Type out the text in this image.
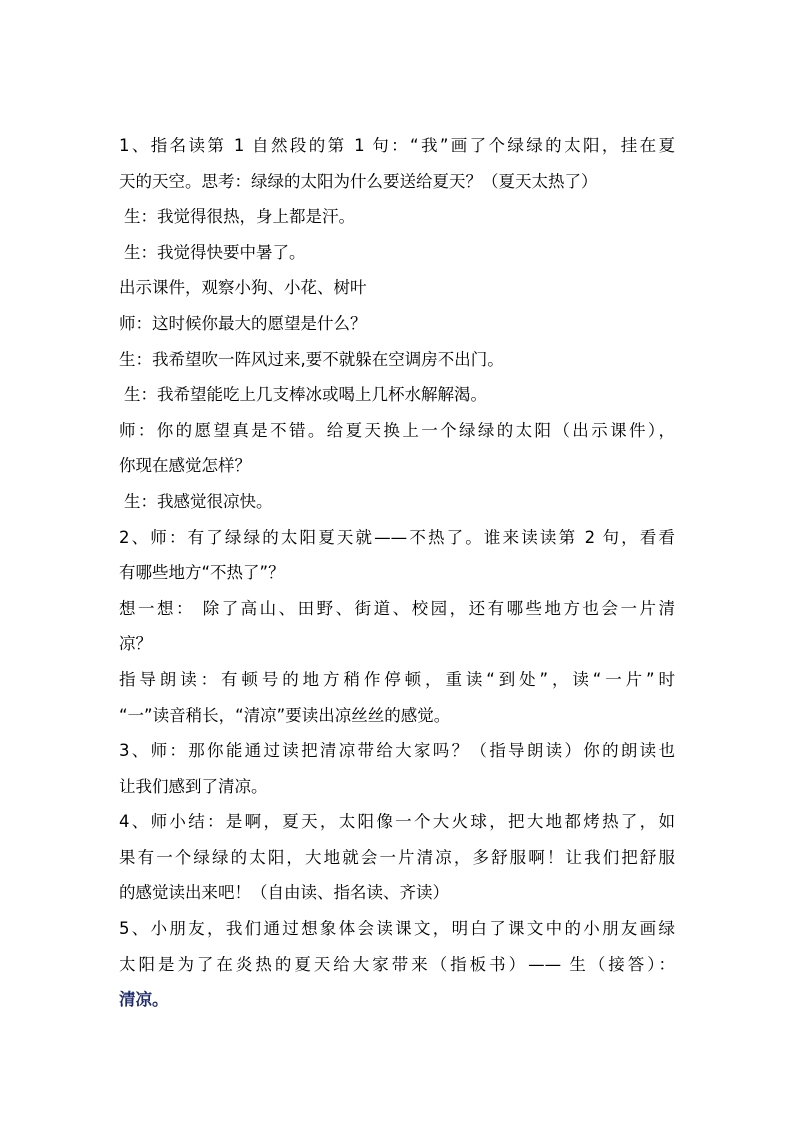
1、指名读第 1 自然段的第 1 句：“我”画了个绿绿的太阳，挂在夏
天的天空。思考：绿绿的太阳为什么要送给夏天？（夏天太热了）
生：我觉得很热，身上都是汗。
生：我觉得快要中暑了。
出示课件，观察小狗、小花、树叶
师：这时候你最大的愿望是什么？
生：我希望吹一阵风过来,要不就躲在空调房不出门。
生：我希望能吃上几支棒冰或喝上几杯水解解渴。
师：你的愿望真是不错。给夏天换上一个绿绿的太阳（出示课件），
你现在感觉怎样？
生：我感觉很凉快。
2、师：有了绿绿的太阳夏天就——不热了。谁来读读第 2 句，看看
有哪些地方“不热了”？
想一想： 除了高山、田野、街道、校园，还有哪些地方也会一片清
凉？
指导朗读：有顿号的地方稍作停顿，重读“到处”，读“一片”时
“一”读音稍长，“清凉”要读出凉丝丝的感觉。
3、师：那你能通过读把清凉带给大家吗？（指导朗读）你的朗读也
让我们感到了清凉。
4、师小结：是啊，夏天，太阳像一个大火球，把大地都烤热了，如
果有一个绿绿的太阳，大地就会一片清凉，多舒服啊！让我们把舒服
的感觉读出来吧！（自由读、指名读、齐读）
5、小朋友，我们通过想象体会读课文，明白了课文中的小朋友画绿
太阳是为了在炎热的夏天给大家带来（指板书）—— 生（接答）：
清凉。
